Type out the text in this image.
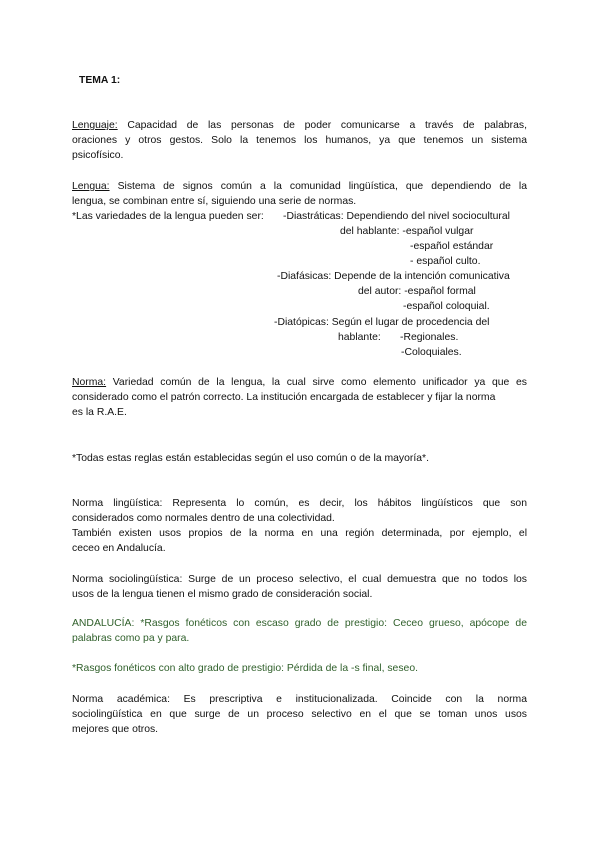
TEMA 1:
Lenguaje: Capacidad de las personas de poder comunicarse a través de palabras,
oraciones y otros gestos. Solo la tenemos los humanos, ya que tenemos un sistema
psicofísico.
Lengua: Sistema de signos común a la comunidad lingüística, que dependiendo de la
lengua, se combinan entre sí, siguiendo una serie de normas.
*Las variedades de la lengua pueden ser: -Diastráticas: Dependiendo del nivel sociocultural
del hablante: -español vulgar
-español estándar
- español culto.
-Diafásicas: Depende de la intención comunicativa
del autor: -español formal
-español coloquial.
-Diatópicas: Según el lugar de procedencia del
hablante: -Regionales.
-Coloquiales.
Norma: Variedad común de la lengua, la cual sirve como elemento unificador ya que es
considerado como el patrón correcto. La institución encargada de establecer y fijar la norma
es la R.A.E.
*Todas estas reglas están establecidas según el uso común o de la mayoría*.
Norma lingüística: Representa lo común, es decir, los hábitos lingüísticos que son
considerados como normales dentro de una colectividad.
También existen usos propios de la norma en una región determinada, por ejemplo, el
ceceo en Andalucía.
Norma sociolingüística: Surge de un proceso selectivo, el cual demuestra que no todos los
usos de la lengua tienen el mismo grado de consideración social.
ANDALUCÍA: *Rasgos fonéticos con escaso grado de prestigio: Ceceo grueso, apócope de
palabras como pa y para.
*Rasgos fonéticos con alto grado de prestigio: Pérdida de la -s final, seseo.
Norma académica: Es prescriptiva e institucionalizada. Coincide con la norma
sociolingüística en que surge de un proceso selectivo en el que se toman unos usos
mejores que otros.
